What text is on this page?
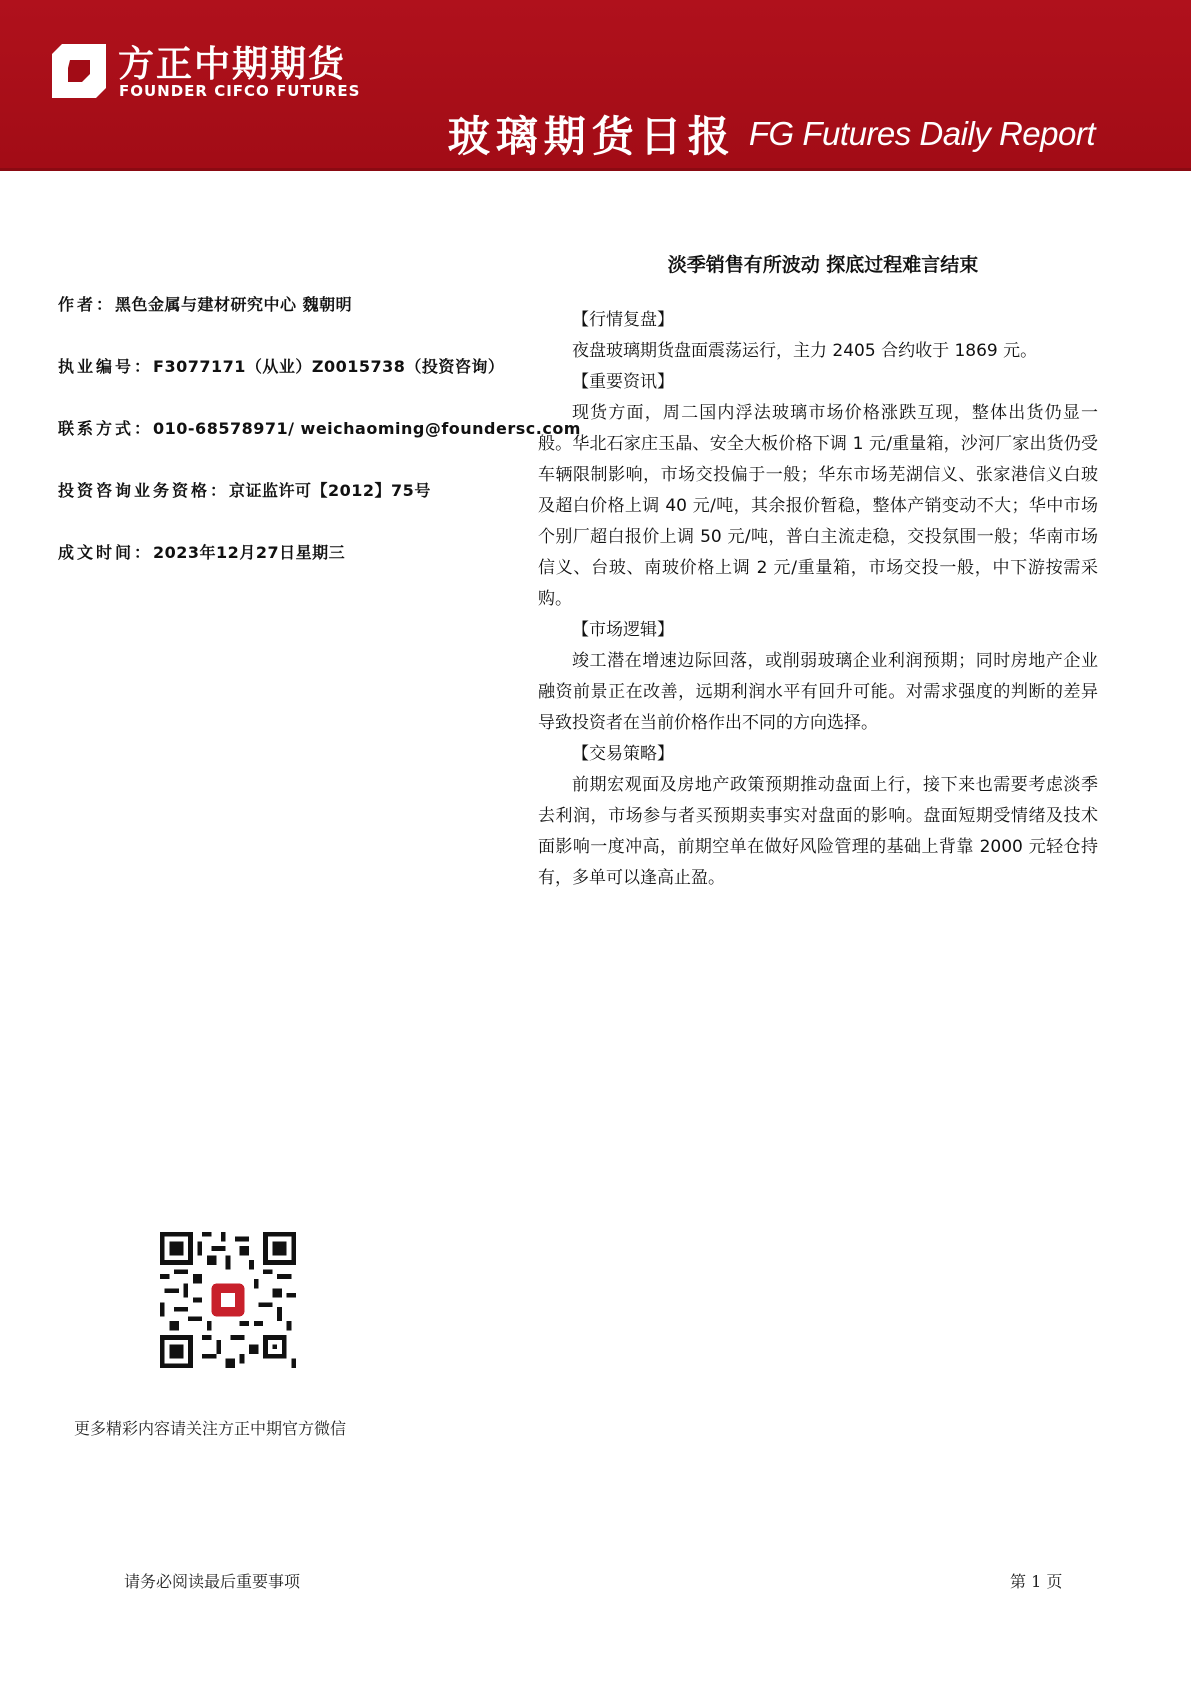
方正中期期货
FOUNDER CIFCO FUTURES
玻璃期货日报 FG Futures Daily Report
作者：黑色金属与建材研究中心 魏朝明
执业编号：F3077171（从业）Z0015738（投资咨询）
联系方式：010-68578971/ weichaoming@foundersc.com
投资咨询业务资格：京证监许可【2012】75号
成文时间：2023年12月27日星期三
淡季销售有所波动 探底过程难言结束

【行情复盘】

夜盘玻璃期货盘面震荡运行，主力 2405 合约收于 1869 元。

【重要资讯】

现货方面，周二国内浮法玻璃市场价格涨跌互现，整体出货仍显一般。华北石家庄玉晶、安全大板价格下调 1 元/重量箱，沙河厂家出货仍受车辆限制影响，市场交投偏于一般；华东市场芜湖信义、张家港信义白玻及超白价格上调 40 元/吨，其余报价暂稳，整体产销变动不大；华中市场个别厂超白报价上调 50 元/吨，普白主流走稳，交投氛围一般；华南市场信义、台玻、南玻价格上调 2 元/重量箱，市场交投一般，中下游按需采购。

【市场逻辑】

竣工潜在增速边际回落，或削弱玻璃企业利润预期；同时房地产企业融资前景正在改善，远期利润水平有回升可能。对需求强度的判断的差异导致投资者在当前价格作出不同的方向选择。

【交易策略】

前期宏观面及房地产政策预期推动盘面上行，接下来也需要考虑淡季去利润，市场参与者买预期卖事实对盘面的影响。盘面短期受情绪及技术面影响一度冲高，前期空单在做好风险管理的基础上背靠 2000 元轻仓持有，多单可以逢高止盈。

更多精彩内容请关注方正中期官方微信
请务必阅读最后重要事项	第 1 页
